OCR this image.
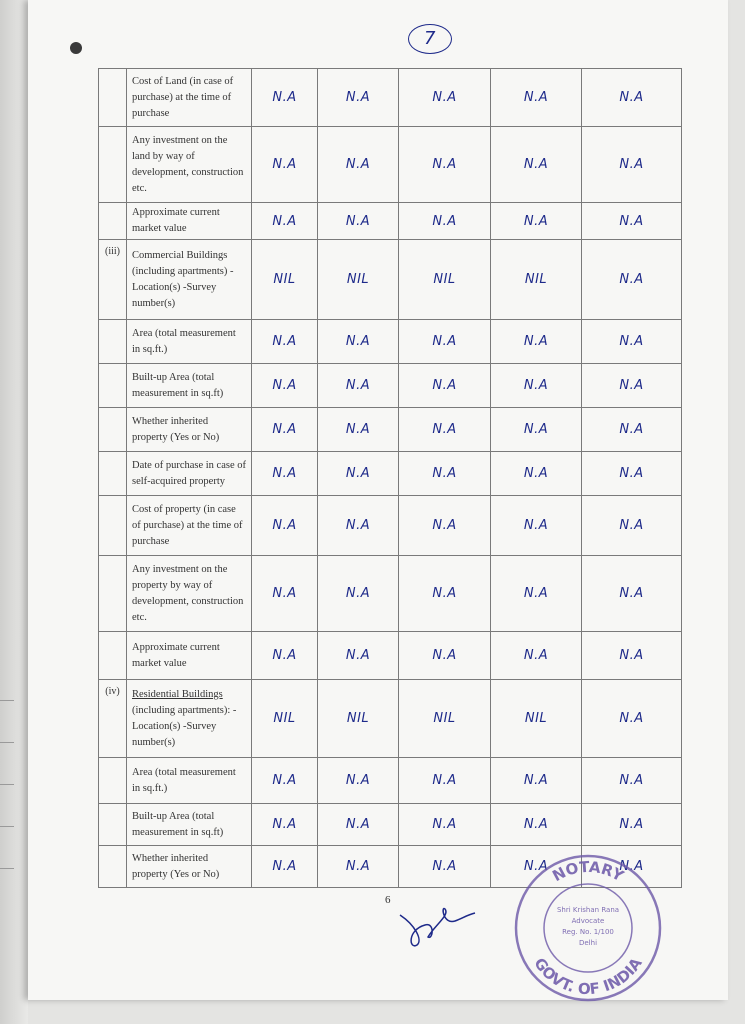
7
	Cost of Land (in case of purchase) at the time of purchase	N.A	N.A	N.A	N.A	N.A
	Any investment on the land by way of development, construction etc.	N.A	N.A	N.A	N.A	N.A
	Approximate current market value	N.A	N.A	N.A	N.A	N.A
(iii)	Commercial Buildings (including apartments) -Location(s) -Survey number(s)	NIL	NIL	NIL	NIL	N.A
	Area (total measurement in sq.ft.)	N.A	N.A	N.A	N.A	N.A
	Built-up Area (total measurement in sq.ft)	N.A	N.A	N.A	N.A	N.A
	Whether inherited property (Yes or No)	N.A	N.A	N.A	N.A	N.A
	Date of purchase in case of self-acquired property	N.A	N.A	N.A	N.A	N.A
	Cost of property (in case of purchase) at the time of purchase	N.A	N.A	N.A	N.A	N.A
	Any investment on the property by way of development, construction etc.	N.A	N.A	N.A	N.A	N.A
	Approximate current market value	N.A	N.A	N.A	N.A	N.A
(iv)	Residential Buildings (including apartments): -Location(s) -Survey number(s)	NIL	NIL	NIL	NIL	N.A
	Area (total measurement in sq.ft.)	N.A	N.A	N.A	N.A	N.A
	Built-up Area (total measurement in sq.ft)	N.A	N.A	N.A	N.A	N.A
	Whether inherited property (Yes or No)	N.A	N.A	N.A	N.A	N.A
6
NOTARY
GOVT. OF INDIA
Shri Krishan Rana
Advocate
Reg. No. 1/100
Delhi
